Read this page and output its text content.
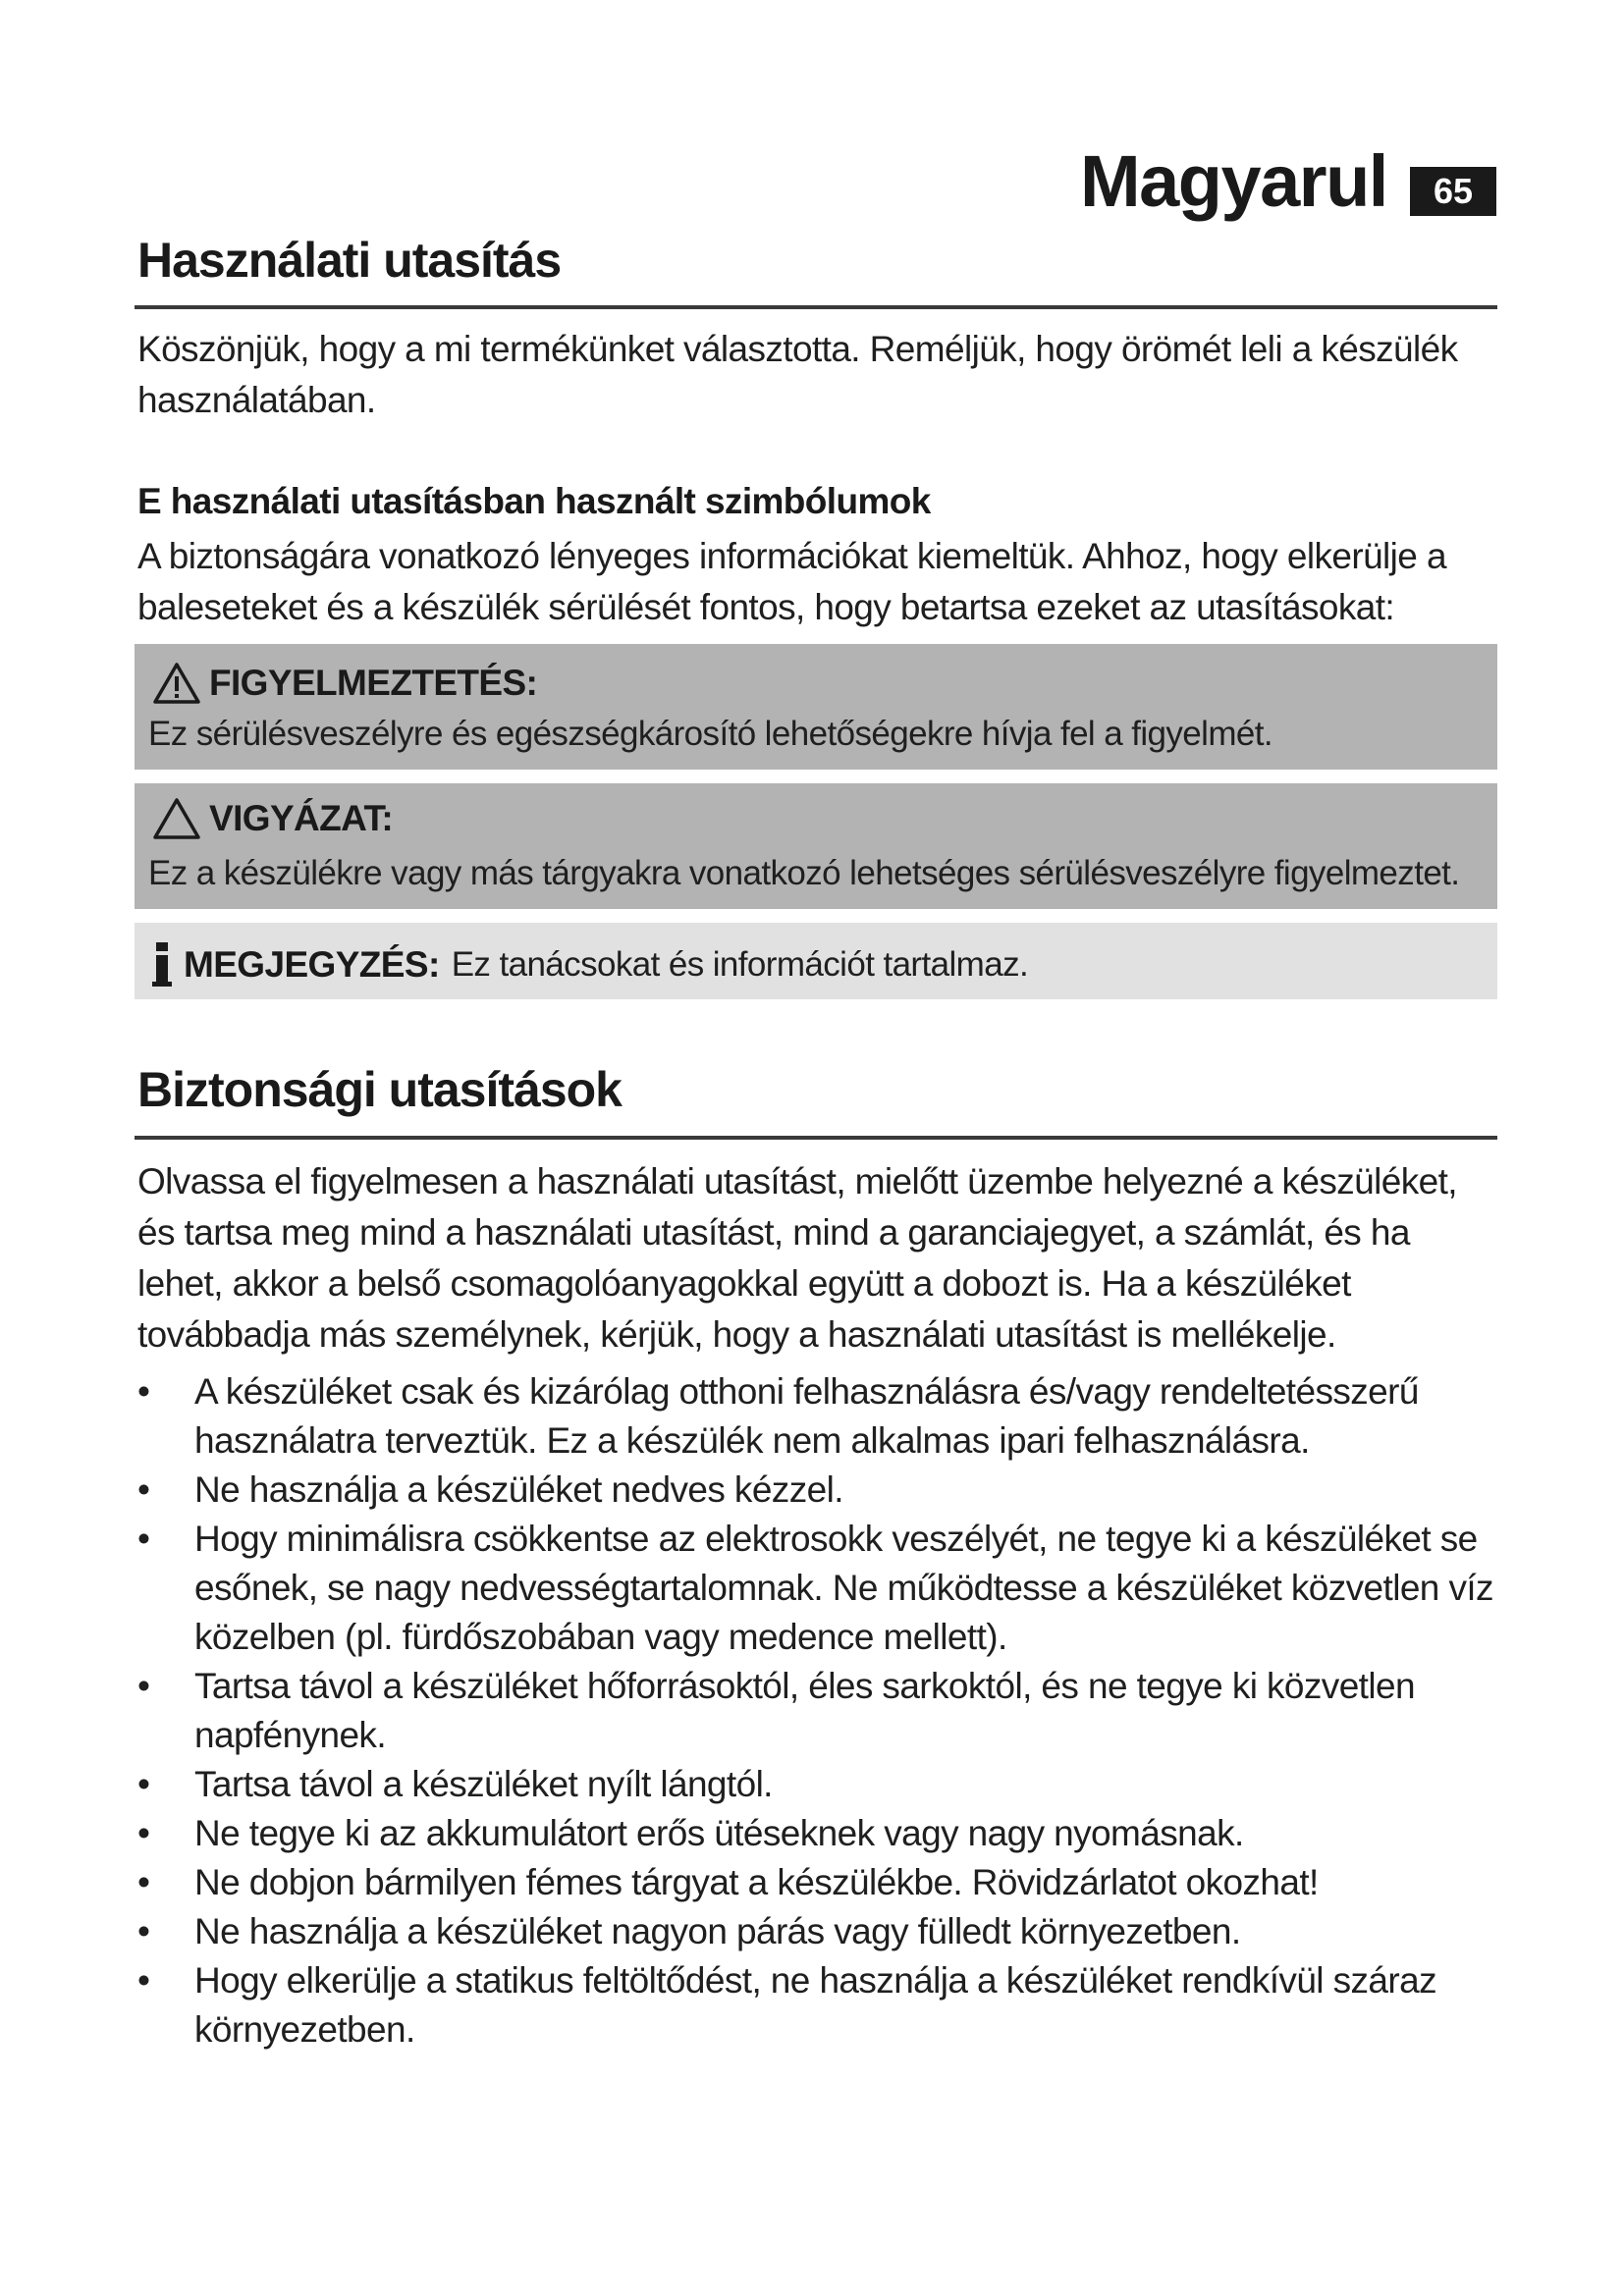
Magyarul	65
Használati utasítás

Köszönjük, hogy a mi termékünket választotta. Reméljük, hogy örömét leli a készülék használatában.

E használati utasításban használt szimbólumok

A biztonságára vonatkozó lényeges információkat kiemeltük. Ahhoz, hogy elkerülje a baleseteket és a készülék sérülését fontos, hogy betartsa ezeket az utasításokat:

FIGYELMEZTETÉS:
Ez sérülésveszélyre és egészségkárosító lehetőségekre hívja fel a figyelmét.
VIGYÁZAT:
Ez a készülékre vagy más tárgyakra vonatkozó lehetséges sérülésveszélyre figyelmeztet.
MEGJEGYZÉS: Ez tanácsokat és információt tartalmaz.
Biztonsági utasítások

Olvassa el figyelmesen a használati utasítást, mielőtt üzembe helyezné a készüléket, és tartsa meg mind a használati utasítást, mind a garanciajegyet, a számlát, és ha lehet, akkor a belső csomagolóanyagokkal együtt a dobozt is. Ha a készüléket továbbadja más személynek, kérjük, hogy a használati utasítást is mellékelje.

• A készüléket csak és kizárólag otthoni felhasználásra és/vagy rendeltetésszerű használatra terveztük. Ez a készülék nem alkalmas ipari felhasználásra.
• Ne használja a készüléket nedves kézzel.
• Hogy minimálisra csökkentse az elektrosokk veszélyét, ne tegye ki a készüléket se esőnek, se nagy nedvességtartalomnak. Ne működtesse a készüléket közvetlen víz közelben (pl. fürdőszobában vagy medence mellett).
• Tartsa távol a készüléket hőforrásoktól, éles sarkoktól, és ne tegye ki közvetlen napfénynek.
• Tartsa távol a készüléket nyílt lángtól.
• Ne tegye ki az akkumulátort erős ütéseknek vagy nagy nyomásnak.
• Ne dobjon bármilyen fémes tárgyat a készülékbe. Rövidzárlatot okozhat!
• Ne használja a készüléket nagyon párás vagy fülledt környezetben.
• Hogy elkerülje a statikus feltöltődést, ne használja a készüléket rendkívül száraz környezetben.
